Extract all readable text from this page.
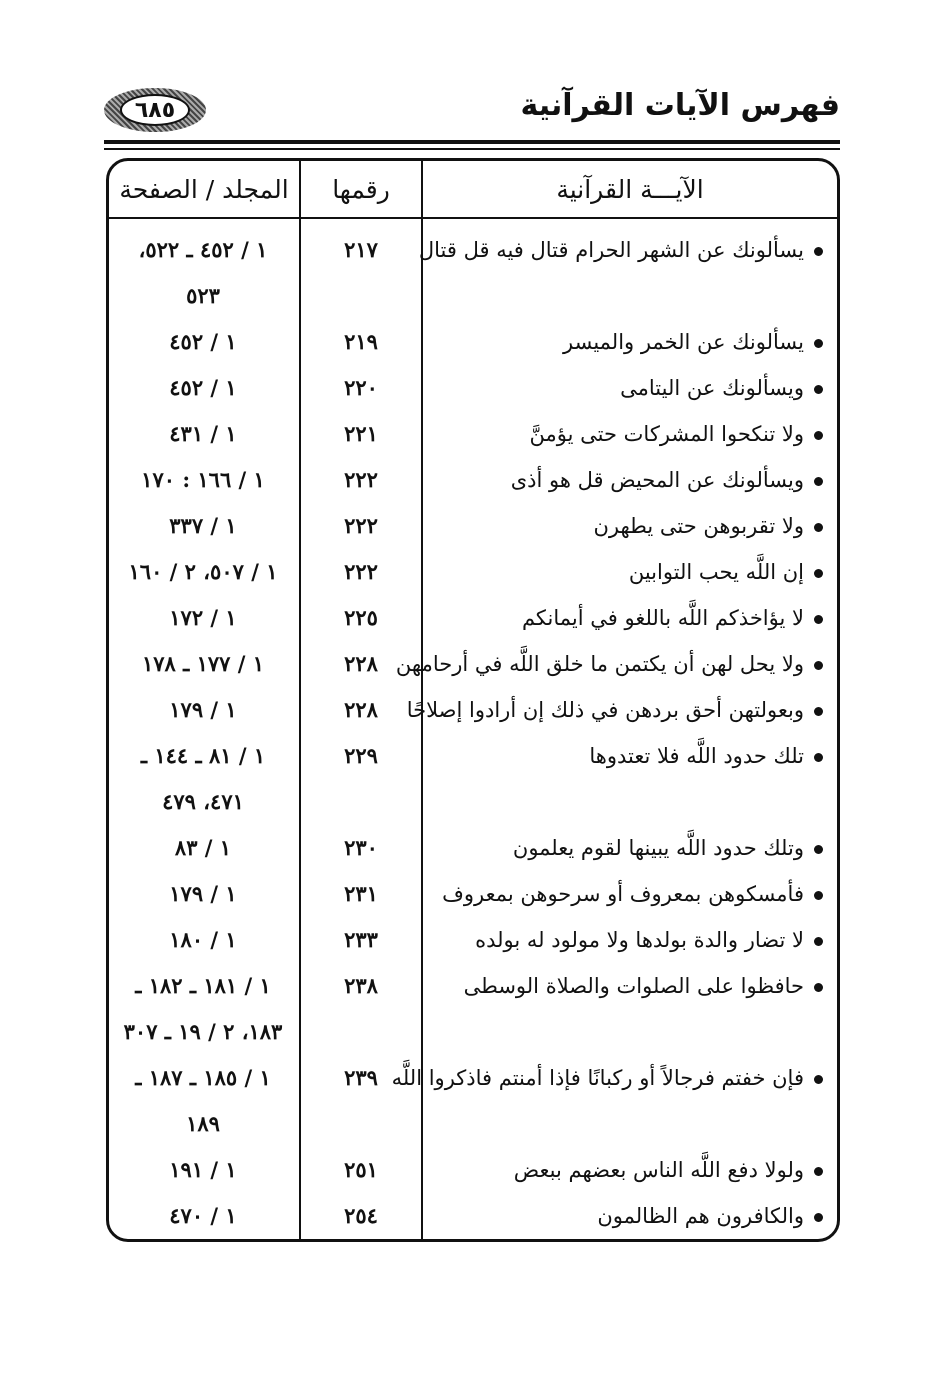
فهرس الآيات القرآنية
٦٨٥
الآيـــة القرآنية
رقمها
المجلد / الصفحة
يسألونك عن الشهر الحرام قتال فيه قل قتال
٢١٧
١ / ٤٥٢ ـ ٥٢٢،
٥٢٣
يسألونك عن الخمر والميسر
٢١٩
١ / ٤٥٢
ويسألونك عن اليتامى
٢٢٠
١ / ٤٥٢
ولا تنكحوا المشركات حتى يؤمنَّ
٢٢١
١ / ٤٣١
ويسألونك عن المحيض قل هو أذى
٢٢٢
١ / ١٦٦ : ١٧٠
ولا تقربوهن حتى يطهرن
٢٢٢
١ / ٣٣٧
إن اللَّه يحب التوابين
٢٢٢
١ / ٥٠٧، ٢ / ١٦٠
لا يؤاخذكم اللَّه باللغو في أيمانكم
٢٢٥
١ / ١٧٢
ولا يحل لهن أن يكتمن ما خلق اللَّه في أرحامهن
٢٢٨
١ / ١٧٧ ـ ١٧٨
وبعولتهن أحق بردهن في ذلك إن أرادوا إصلاحًا
٢٢٨
١ / ١٧٩
تلك حدود اللَّه فلا تعتدوها
٢٢٩
١ / ٨١ ـ ١٤٤ ـ
٤٧١، ٤٧٩
وتلك حدود اللَّه يبينها لقوم يعلمون
٢٣٠
١ / ٨٣
فأمسكوهن بمعروف أو سرحوهن بمعروف
٢٣١
١ / ١٧٩
لا تضار والدة بولدها ولا مولود له بولده
٢٣٣
١ / ١٨٠
حافظوا على الصلوات والصلاة الوسطى
٢٣٨
١ / ١٨١ ـ ١٨٢ ـ
١٨٣، ٢ / ١٩ ـ ٣٠٧
فإن خفتم فرجالاً أو ركبانًا فإذا أمنتم فاذكروا اللَّه
٢٣٩
١ / ١٨٥ ـ ١٨٧ ـ
١٨٩
ولولا دفع اللَّه الناس بعضهم ببعض
٢٥١
١ / ١٩١
والكافرون هم الظالمون
٢٥٤
١ / ٤٧٠
